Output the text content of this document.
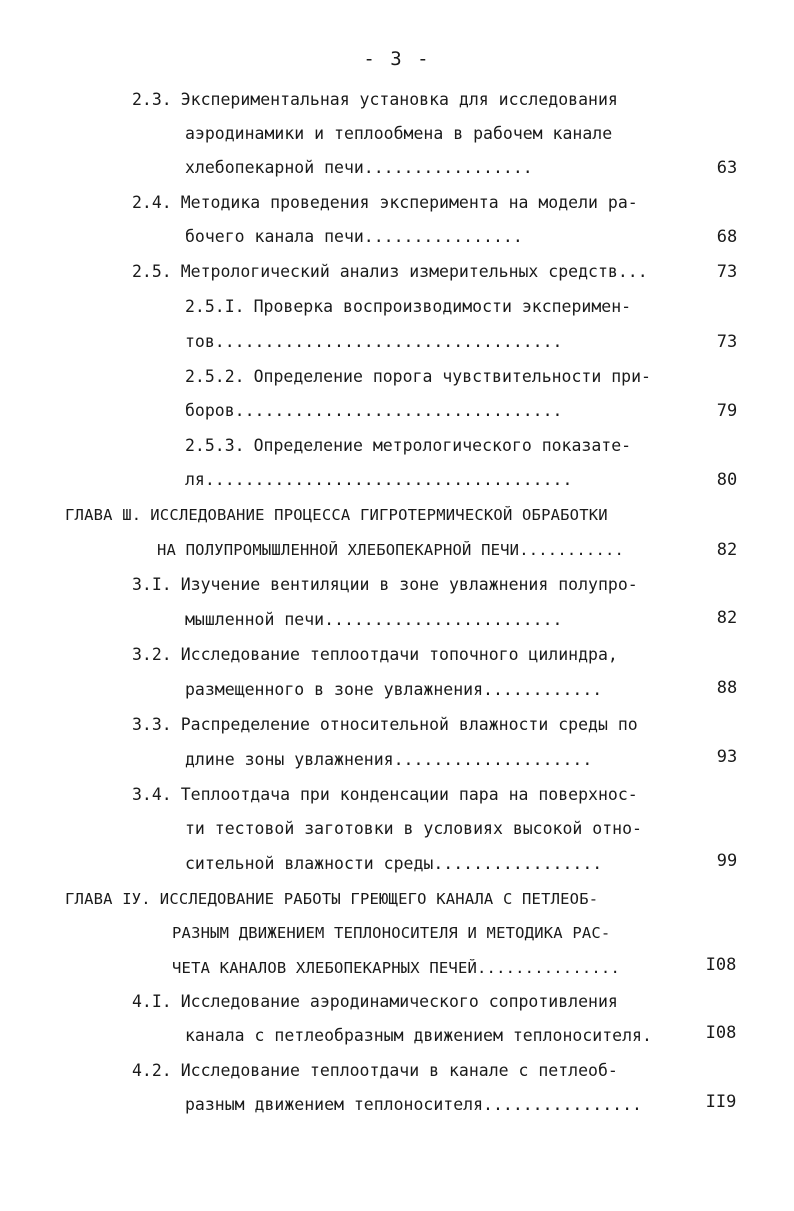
- 3 -
2.3. Экспериментальная установка для исследования
аэродинамики и теплообмена в рабочем канале
хлебопекарной печи.................	63
2.4. Методика проведения эксперимента на модели ра-
бочего канала печи................	68
2.5. Метрологический анализ измерительных средств...	73
2.5.I. Проверка воспроизводимости эксперимен-
тов...................................	73
2.5.2. Определение порога чувствительности при-
боров.................................	79
2.5.3. Определение метрологического показате-
ля.....................................	80
ГЛАВА Ш. ИССЛЕДОВАНИЕ ПРОЦЕССА ГИГРОТЕРМИЧЕСКОЙ ОБРАБОТКИ
НА ПОЛУПРОМЫШЛЕННОЙ ХЛЕБОПЕКАРНОЙ ПЕЧИ...........	82
3.I. Изучение вентиляции в зоне увлажнения полупро-
мышленной печи........................	82
3.2. Исследование теплоотдачи топочного цилиндра,
размещенного в зоне увлажнения............	88
3.3. Распределение относительной влажности среды по
длине зоны увлажнения....................	93
3.4. Теплоотдача при конденсации пара на поверхнос-
ти тестовой заготовки в условиях высокой отно-
сительной влажности среды.................	99
ГЛАВА IУ. ИССЛЕДОВАНИЕ РАБОТЫ ГРЕЮЩЕГО КАНАЛА С ПЕТЛЕОБ-
РАЗНЫМ ДВИЖЕНИЕМ ТЕПЛОНОСИТЕЛЯ И МЕТОДИКА РАС-
ЧЕТА КАНАЛОВ ХЛЕБОПЕКАРНЫХ ПЕЧЕЙ...............	I08
4.I. Исследование аэродинамического сопротивления
канала с петлеобразным движением теплоносителя.	I08
4.2. Исследование теплоотдачи в канале с петлеоб-
разным движением теплоносителя................	II9
